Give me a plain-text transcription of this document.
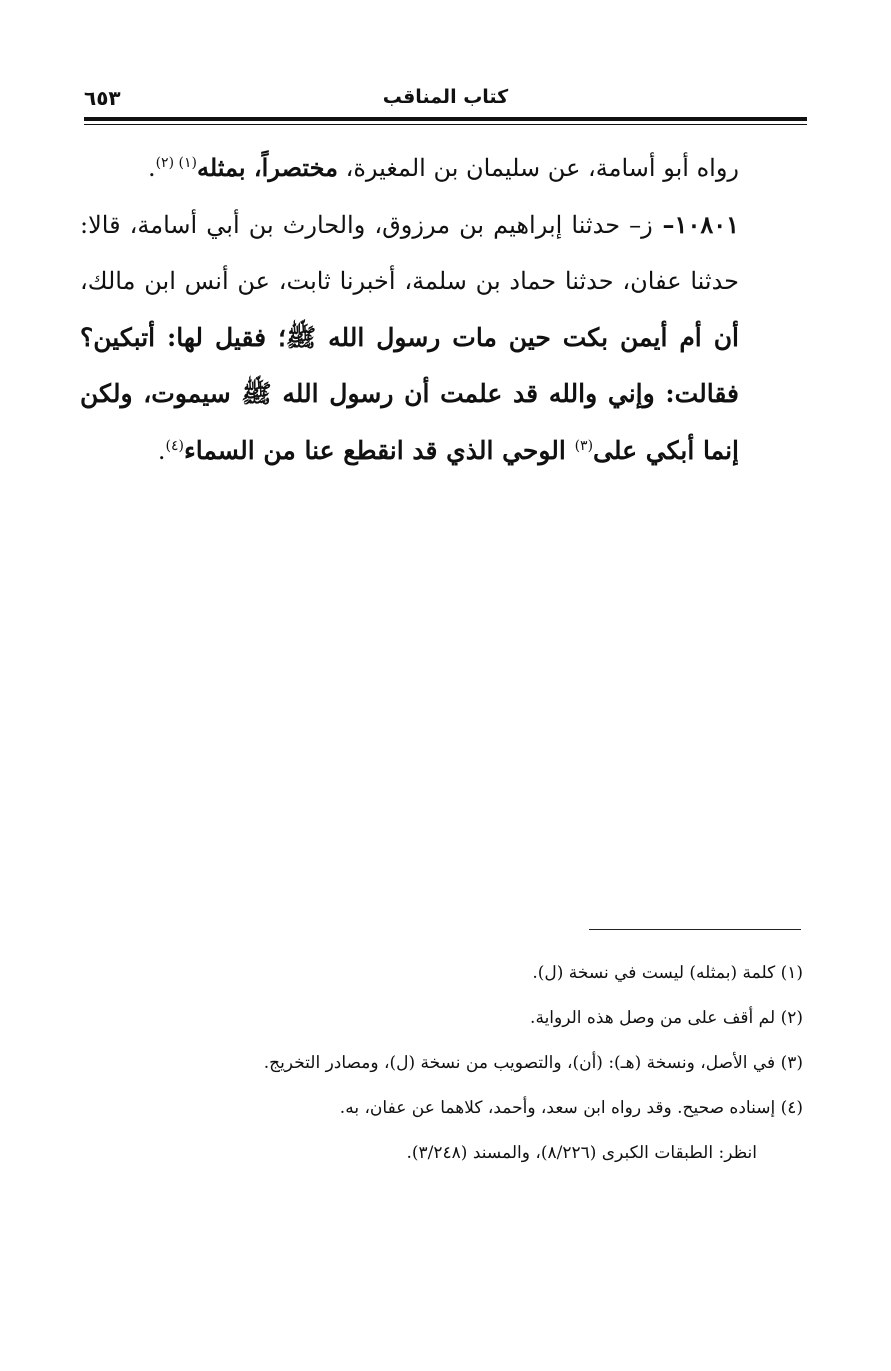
كتاب المناقب
٦٥٣

رواه أبو أسامة، عن سليمان بن المغيرة، مختصراً، بمثله$^{(١) (٢)}$.

١٠٨٠١– ز– حدثنا إبراهيم بن مرزوق، والحارث بن أبي أسامة، قالا: حدثنا عفان، حدثنا حماد بن سلمة، أخبرنا ثابت، عن أنس ابن مالك، أن أم أيمن بكت حين مات رسول الله ﷺ؛ فقيل لها: أتبكين؟ فقالت: وإني والله قد علمت أن رسول الله ﷺ سيموت، ولكن إنما أبكي على$^{(٣)}$ الوحي الذي قد انقطع عنا من السماء$^{(٤)}$.

(١) كلمة (بمثله) ليست في نسخة (ل).

(٢) لم أقف على من وصل هذه الرواية.

(٣) في الأصل، ونسخة (هـ): (أن)، والتصويب من نسخة (ل)، ومصادر التخريج.

(٤) إسناده صحيح. وقد رواه ابن سعد، وأحمد، كلاهما عن عفان، به.

انظر: الطبقات الكبرى (٨/٢٢٦)، والمسند (٣/٢٤٨).
